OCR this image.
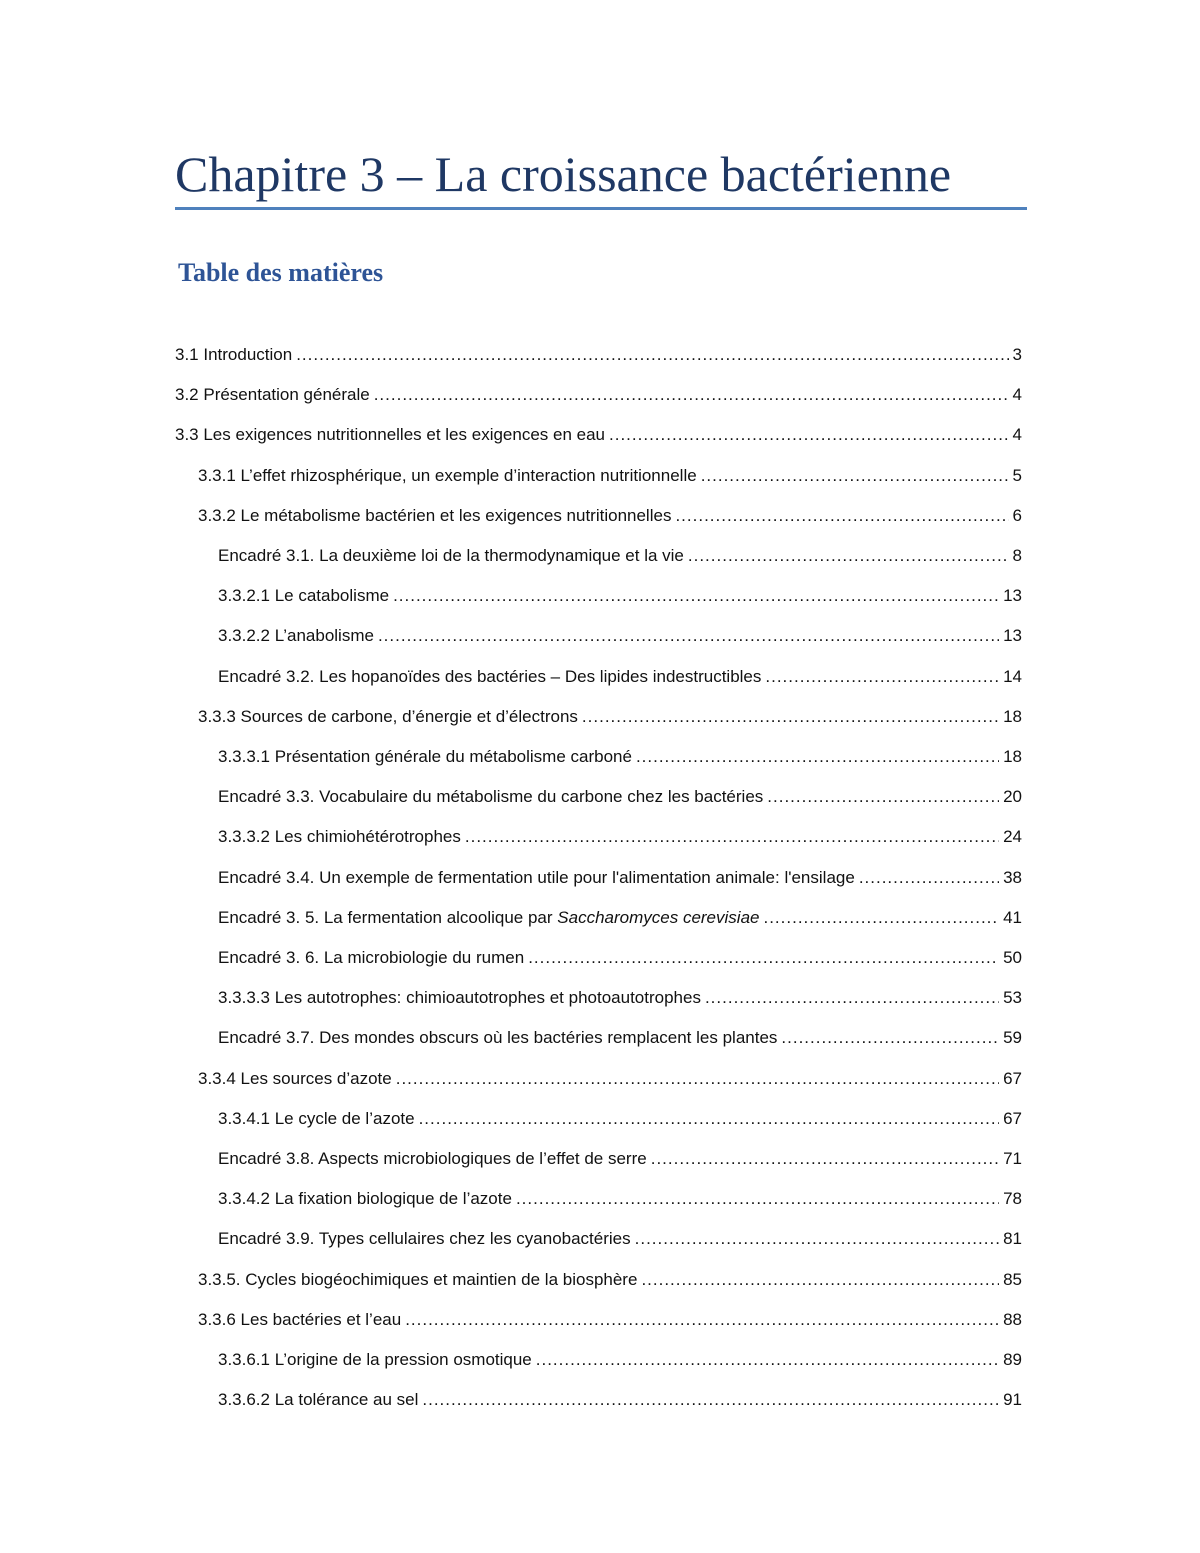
Chapitre 3 – La croissance bactérienne
Table des matières
3.1 Introduction .....	3
3.2 Présentation générale .....	4
3.3 Les exigences nutritionnelles et les exigences en eau .....	4
3.3.1 L’effet rhizosphérique, un exemple d’interaction nutritionnelle .....	5
3.3.2 Le métabolisme bactérien et les exigences nutritionnelles .....	6
Encadré 3.1. La deuxième loi de la thermodynamique et la vie .....	8
3.3.2.1 Le catabolisme .....	13
3.3.2.2 L’anabolisme .....	13
Encadré 3.2. Les hopanoïdes des bactéries – Des lipides indestructibles .....	14
3.3.3 Sources de carbone, d’énergie et d’électrons .....	18
3.3.3.1 Présentation générale du métabolisme carboné .....	18
Encadré 3.3. Vocabulaire du métabolisme du carbone chez les bactéries .....	20
3.3.3.2 Les chimiohétérotrophes .....	24
Encadré 3.4. Un exemple de fermentation utile pour l'alimentation animale: l'ensilage .....	38
Encadré 3. 5. La fermentation alcoolique par Saccharomyces cerevisiae .....	41
Encadré 3. 6. La microbiologie du rumen .....	50
3.3.3.3 Les autotrophes: chimioautotrophes et photoautotrophes .....	53
Encadré 3.7. Des mondes obscurs où les bactéries remplacent les plantes .....	59
3.3.4 Les sources d’azote .....	67
3.3.4.1 Le cycle de l’azote .....	67
Encadré 3.8. Aspects microbiologiques de l’effet de serre .....	71
3.3.4.2 La fixation biologique de l’azote .....	78
Encadré 3.9. Types cellulaires chez les cyanobactéries .....	81
3.3.5. Cycles biogéochimiques et maintien de la biosphère .....	85
3.3.6 Les bactéries et l’eau .....	88
3.3.6.1 L’origine de la pression osmotique .....	89
3.3.6.2 La tolérance au sel .....	91
